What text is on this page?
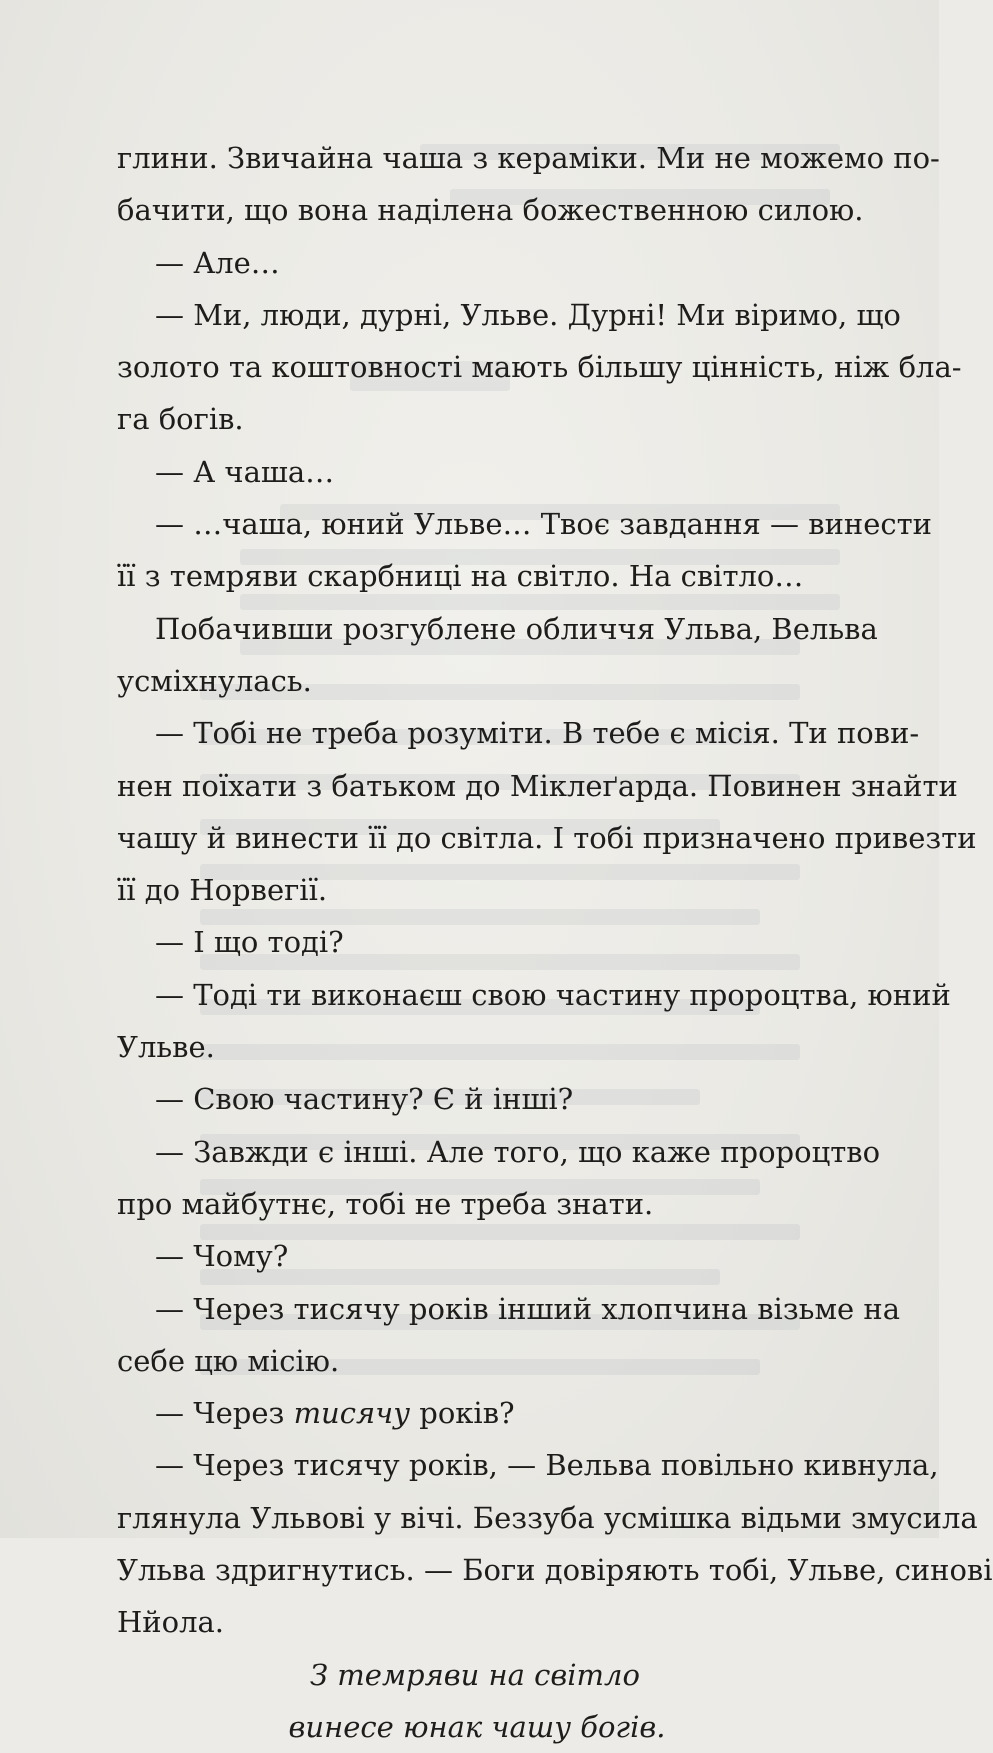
глини. Звичайна чаша з кераміки. Ми не можемо по-
бачити, що вона наділена божественною силою.
— Але…
— Ми, люди, дурні, Ульве. Дурні! Ми віримо, що
золото та коштовності мають більшу цінність, ніж бла-
га богів.
— А чаша…
— …чаша, юний Ульве… Твоє завдання — винести
її з темряви скарбниці на світло. На світло…
Побачивши розгублене обличчя Ульва, Вельва
усміхнулась.
— Тобі не треба розуміти. В тебе є місія. Ти пови-
нен поїхати з батьком до Міклеґарда. Повинен знайти
чашу й винести її до світла. І тобі призначено привезти
її до Норвегії.
— І що тоді?
— Тоді ти виконаєш свою частину пророцтва, юний
Ульве.
— Свою частину? Є й інші?
— Завжди є інші. Але того, що каже пророцтво
про майбутнє, тобі не треба знати.
— Чому?
— Через тисячу років інший хлопчина візьме на
себе цю місію.
— Через тисячу років?
— Через тисячу років, — Вельва повільно кивнула,
глянула Ульвові у вічі. Беззуба усмішка відьми змусила
Ульва здригнутись. — Боги довіряють тобі, Ульве, синові
Нйола.
З темряви на світло
винесе юнак чашу богів.
